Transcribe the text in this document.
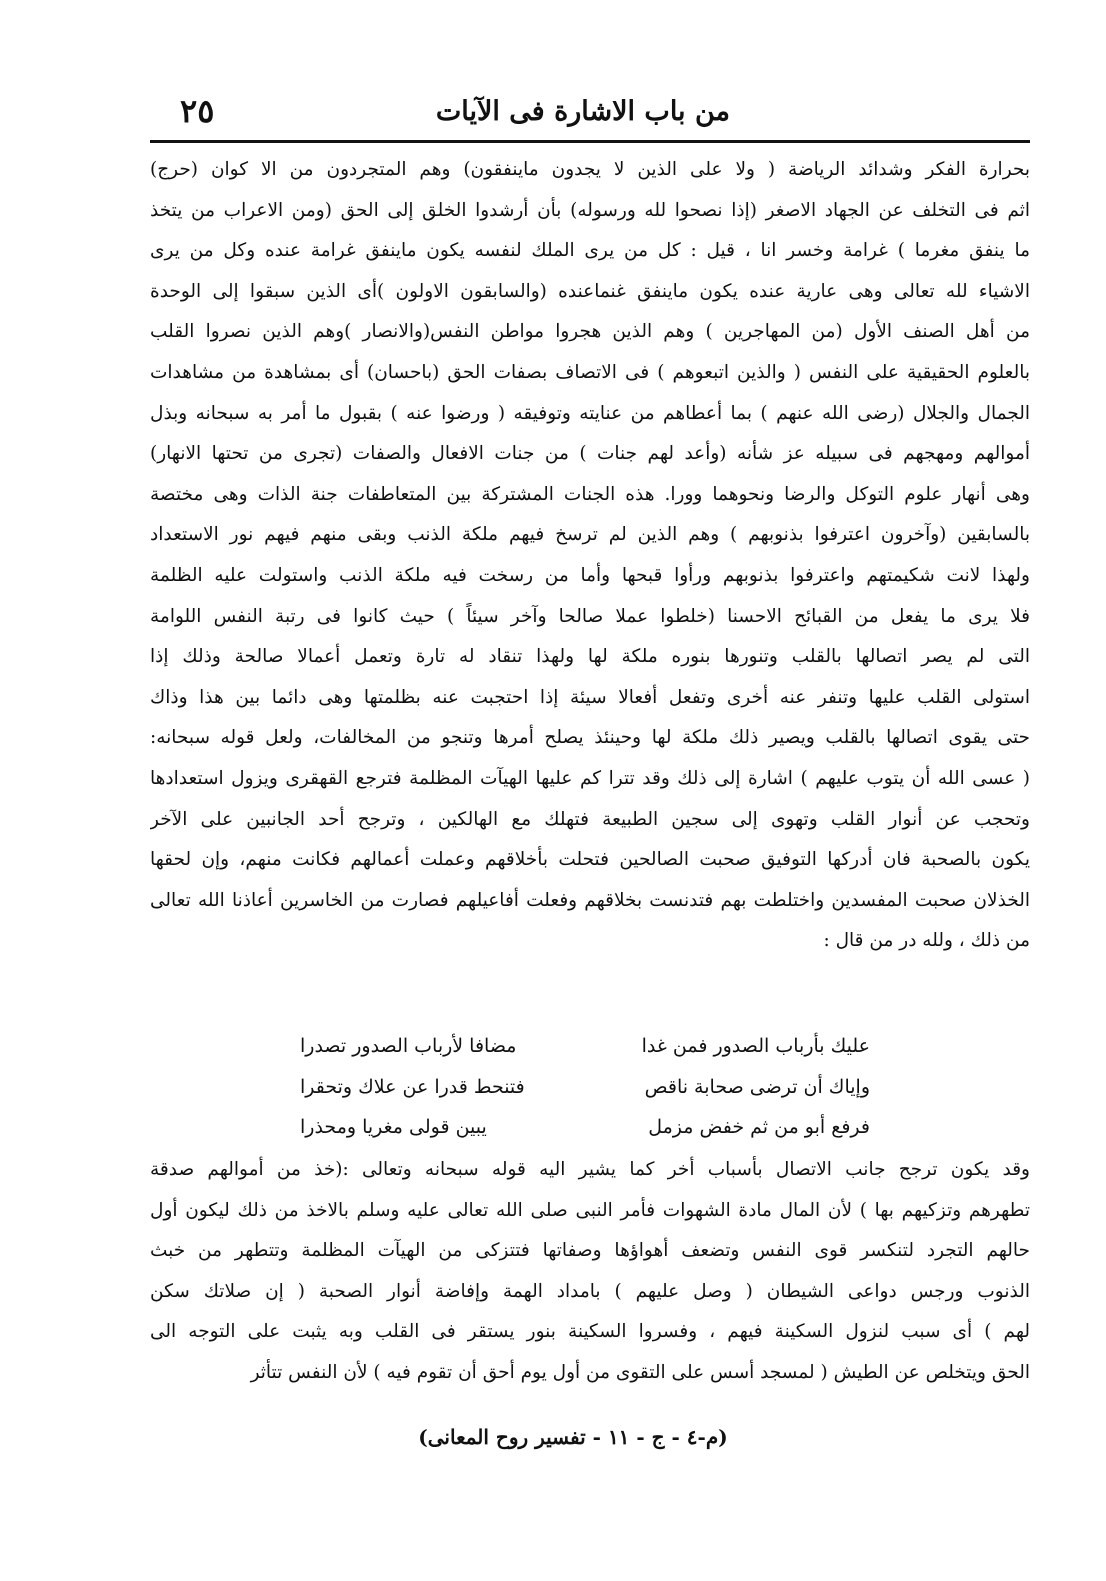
٢٥	من باب الاشارة فى الآيات
بحرارة الفكر وشدائد الرياضة ( ولا على الذين لا يجدون ماينفقون) وهم المتجردون من الا كوان (حرج)
اثم فى التخلف عن الجهاد الاصغر (إذا نصحوا لله ورسوله) بأن أرشدوا الخلق إلى الحق (ومن الاعراب من يتخذ
ما ينفق مغرما ) غرامة وخسر انا ، قيل : كل من يرى الملك لنفسه يكون ماينفق غرامة عنده وكل من يرى
الاشياء لله تعالى وهى عارية عنده يكون ماينفق غنماعنده (والسابقون الاولون )أى الذين سبقوا إلى الوحدة
من أهل الصنف الأول (من المهاجرين ) وهم الذين هجروا مواطن النفس(والانصار )وهم الذين نصروا القلب
بالعلوم الحقيقية على النفس ( والذين اتبعوهم ) فى الاتصاف بصفات الحق (باحسان) أى بمشاهدة من مشاهدات
الجمال والجلال (رضى الله عنهم ) بما أعطاهم من عنايته وتوفيقه ( ورضوا عنه ) بقبول ما أمر به سبحانه وبذل
أموالهم ومهجهم فى سبيله عز شأنه (وأعد لهم جنات ) من جنات الافعال والصفات (تجرى من تحتها الانهار)
وهى أنهار علوم التوكل والرضا ونحوهما وورا. هذه الجنات المشتركة بين المتعاطفات جنة الذات وهى مختصة
بالسابقين (وآخرون اعترفوا بذنوبهم ) وهم الذين لم ترسخ فيهم ملكة الذنب وبقى منهم فيهم نور الاستعداد
ولهذا لانت شكيمتهم واعترفوا بذنوبهم ورأوا قبحها وأما من رسخت فيه ملكة الذنب واستولت عليه الظلمة
فلا يرى ما يفعل من القبائح الاحسنا (خلطوا عملا صالحا وآخر سيئاً ) حيث كانوا فى رتبة النفس اللوامة
التى لم يصر اتصالها بالقلب وتنورها بنوره ملكة لها ولهذا تنقاد له تارة وتعمل أعمالا صالحة وذلك إذا
استولى القلب عليها وتنفر عنه أخرى وتفعل أفعالا سيئة إذا احتجبت عنه بظلمتها وهى دائما بين هذا وذاك
حتى يقوى اتصالها بالقلب ويصير ذلك ملكة لها وحينئذ يصلح أمرها وتنجو من المخالفات، ولعل قوله سبحانه:
( عسى الله أن يتوب عليهم ) اشارة إلى ذلك وقد تترا كم عليها الهيآت المظلمة فترجع القهقرى ويزول استعدادها
وتحجب عن أنوار القلب وتهوى إلى سجين الطبيعة فتهلك مع الهالكين ، وترجح أحد الجانبين على الآخر
يكون بالصحبة فان أدركها التوفيق صحبت الصالحين فتحلت بأخلاقهم وعملت أعمالهم فكانت منهم، وإن لحقها
الخذلان صحبت المفسدين واختلطت بهم فتدنست بخلاقهم وفعلت أفاعيلهم فصارت من الخاسرين أعاذنا الله تعالى
من ذلك ، ولله در من قال :
عليك بأرباب الصدور فمن غدا
مضافا لأرباب الصدور تصدرا
وإياك أن ترضى صحابة ناقص
فتنحط قدرا عن علاك وتحقرا
فرفع أبو من ثم خفض مزمل
يبين قولى مغريا ومحذرا
وقد يكون ترجح جانب الاتصال بأسباب أخر كما يشير اليه قوله سبحانه وتعالى :(خذ من أموالهم صدقة
تطهرهم وتزكيهم بها ) لأن المال مادة الشهوات فأمر النبى صلى الله تعالى عليه وسلم بالاخذ من ذلك ليكون أول
حالهم التجرد لتنكسر قوى النفس وتضعف أهواؤها وصفاتها فتتزكى من الهيآت المظلمة وتتطهر من خبث
الذنوب ورجس دواعى الشيطان ( وصل عليهم ) بامداد الهمة وإفاضة أنوار الصحبة ( إن صلاتك سكن
لهم ) أى سبب لنزول السكينة فيهم ، وفسروا السكينة بنور يستقر فى القلب وبه يثبت على التوجه الى
الحق ويتخلص عن الطيش ( لمسجد أسس على التقوى من أول يوم أحق أن تقوم فيه ) لأن النفس تتأثر
(م-٤ - ج - ١١ - تفسير روح المعانى)
